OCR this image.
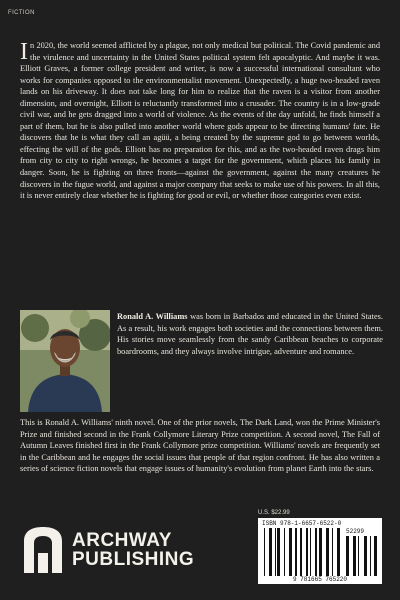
FICTION

In 2020, the world seemed afflicted by a plague, not only medical but political. The Covid pandemic and the virulence and uncertainty in the United States political system felt apocalyptic. And maybe it was. Elliott Graves, a former college president and writer, is now a successful international consultant who works for companies opposed to the environmentalist movement. Unexpectedly, a huge two-headed raven lands on his driveway. It does not take long for him to realize that the raven is a visitor from another dimension, and overnight, Elliott is reluctantly transformed into a crusader. The country is in a low-grade civil war, and he gets dragged into a world of violence. As the events of the day unfold, he finds himself a part of them, but he is also pulled into another world where gods appear to be directing humans' fate. He discovers that he is what they call an agüü, a being created by the supreme god to go between worlds, effecting the will of the gods. Elliott has no preparation for this, and as the two-headed raven drags him from city to city to right wrongs, he becomes a target for the government, which places his family in danger. Soon, he is fighting on three fronts—against the government, against the many creatures he discovers in the fugue world, and against a major company that seeks to make use of his powers. In all this, it is never entirely clear whether he is fighting for good or evil, or whether those categories even exist.

Ronald A. Williams was born in Barbados and educated in the United States. As a result, his work engages both societies and the connections between them. His stories move seamlessly from the sandy Caribbean beaches to corporate boardrooms, and they always involve intrigue, adventure and romance.

This is Ronald A. Williams' ninth novel. One of the prior novels, The Dark Land, won the Prime Minister's Prize and finished second in the Frank Collymore Literary Prize competition. A second novel, The Fall of Autumn Leaves finished first in the Frank Collymore prize competition. Williams' novels are frequently set in the Caribbean and he engages the social issues that people of that region confront. He has also written a series of science fiction novels that engage issues of humanity's evolution from planet Earth into the stars.

ARCHWAY
PUBLISHING
U.S. $22.99
ISBN 978-1-6657-6522-0
52299
9 781665 765220
